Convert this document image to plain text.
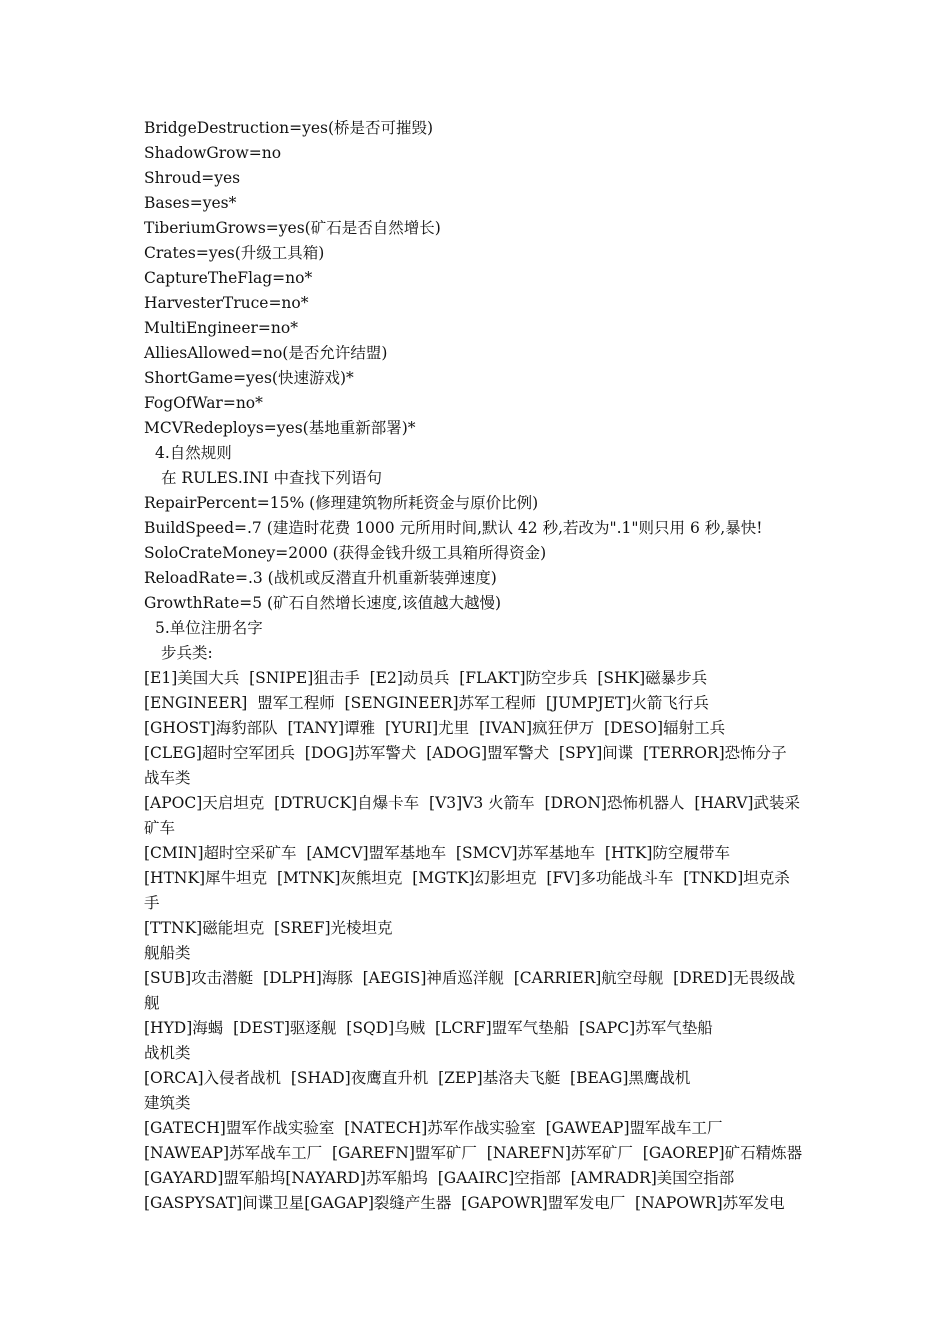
BridgeDestruction=yes(桥是否可摧毁)
ShadowGrow=no
Shroud=yes
Bases=yes*
TiberiumGrows=yes(矿石是否自然增长)
Crates=yes(升级工具箱)
CaptureTheFlag=no*
HarvesterTruce=no*
MultiEngineer=no*
AlliesAllowed=no(是否允许结盟)
ShortGame=yes(快速游戏)*
FogOfWar=no*
MCVRedeploys=yes(基地重新部署)*
4.自然规则
在 RULES.INI 中查找下列语句
RepairPercent=15% (修理建筑物所耗资金与原价比例)
BuildSpeed=.7 (建造时花费 1000 元所用时间,默认 42 秒,若改为".1"则只用 6 秒,暴快!
SoloCrateMoney=2000 (获得金钱升级工具箱所得资金)
ReloadRate=.3 (战机或反潜直升机重新装弹速度)
GrowthRate=5 (矿石自然增长速度,该值越大越慢)
5.单位注册名字
步兵类:
[E1]美国大兵  [SNIPE]狙击手  [E2]动员兵  [FLAKT]防空步兵  [SHK]磁暴步兵
[ENGINEER]  盟军工程师  [SENGINEER]苏军工程师  [JUMPJET]火箭飞行兵
[GHOST]海豹部队  [TANY]谭雅  [YURI]尤里  [IVAN]疯狂伊万  [DESO]辐射工兵
[CLEG]超时空军团兵  [DOG]苏军警犬  [ADOG]盟军警犬  [SPY]间谍  [TERROR]恐怖分子
战车类
[APOC]天启坦克  [DTRUCK]自爆卡车  [V3]V3 火箭车  [DRON]恐怖机器人  [HARV]武装采
矿车
[CMIN]超时空采矿车  [AMCV]盟军基地车  [SMCV]苏军基地车  [HTK]防空履带车
[HTNK]犀牛坦克  [MTNK]灰熊坦克  [MGTK]幻影坦克  [FV]多功能战斗车  [TNKD]坦克杀
手
[TTNK]磁能坦克  [SREF]光棱坦克
舰船类
[SUB]攻击潜艇  [DLPH]海豚  [AEGIS]神盾巡洋舰  [CARRIER]航空母舰  [DRED]无畏级战
舰
[HYD]海蝎  [DEST]驱逐舰  [SQD]乌贼  [LCRF]盟军气垫船  [SAPC]苏军气垫船
战机类
[ORCA]入侵者战机  [SHAD]夜鹰直升机  [ZEP]基洛夫飞艇  [BEAG]黑鹰战机
建筑类
[GATECH]盟军作战实验室  [NATECH]苏军作战实验室  [GAWEAP]盟军战车工厂
[NAWEAP]苏军战车工厂  [GAREFN]盟军矿厂  [NAREFN]苏军矿厂  [GAOREP]矿石精炼器
[GAYARD]盟军船坞[NAYARD]苏军船坞  [GAAIRC]空指部  [AMRADR]美国空指部
[GASPYSAT]间谍卫星[GAGAP]裂缝产生器  [GAPOWR]盟军发电厂  [NAPOWR]苏军发电
